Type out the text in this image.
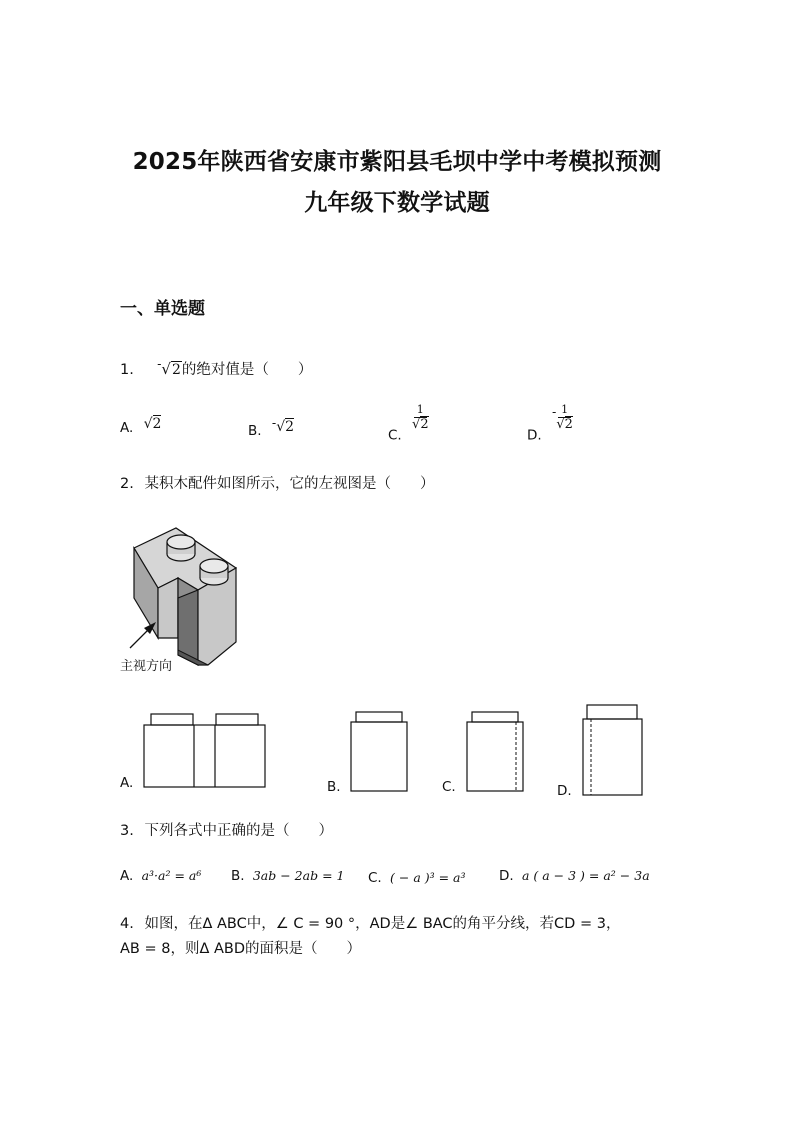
2025年陕西省安康市紫阳县毛坝中学中考模拟预测
九年级下数学试题
一、单选题
1. -√2的绝对值是（　　）
A. √2	B. -√2
C.
$\frac{1}{√2}$
D. - $\frac{1}{√2}$
2. 某积木配件如图所示，它的左视图是（　　）
主视方向
A.	B.	C.	D.
3. 下列各式中正确的是（　　）
A. a³·a² = a⁶ B. 3ab − 2ab = 1 C. ( − a )³ = a³ D. a ( a − 3 ) = a² − 3a
4. 如图，在Δ ABC中，∠ C = 90 °，AD是∠ BAC的角平分线，若CD = 3，
AB = 8，则Δ ABD的面积是（　　）
